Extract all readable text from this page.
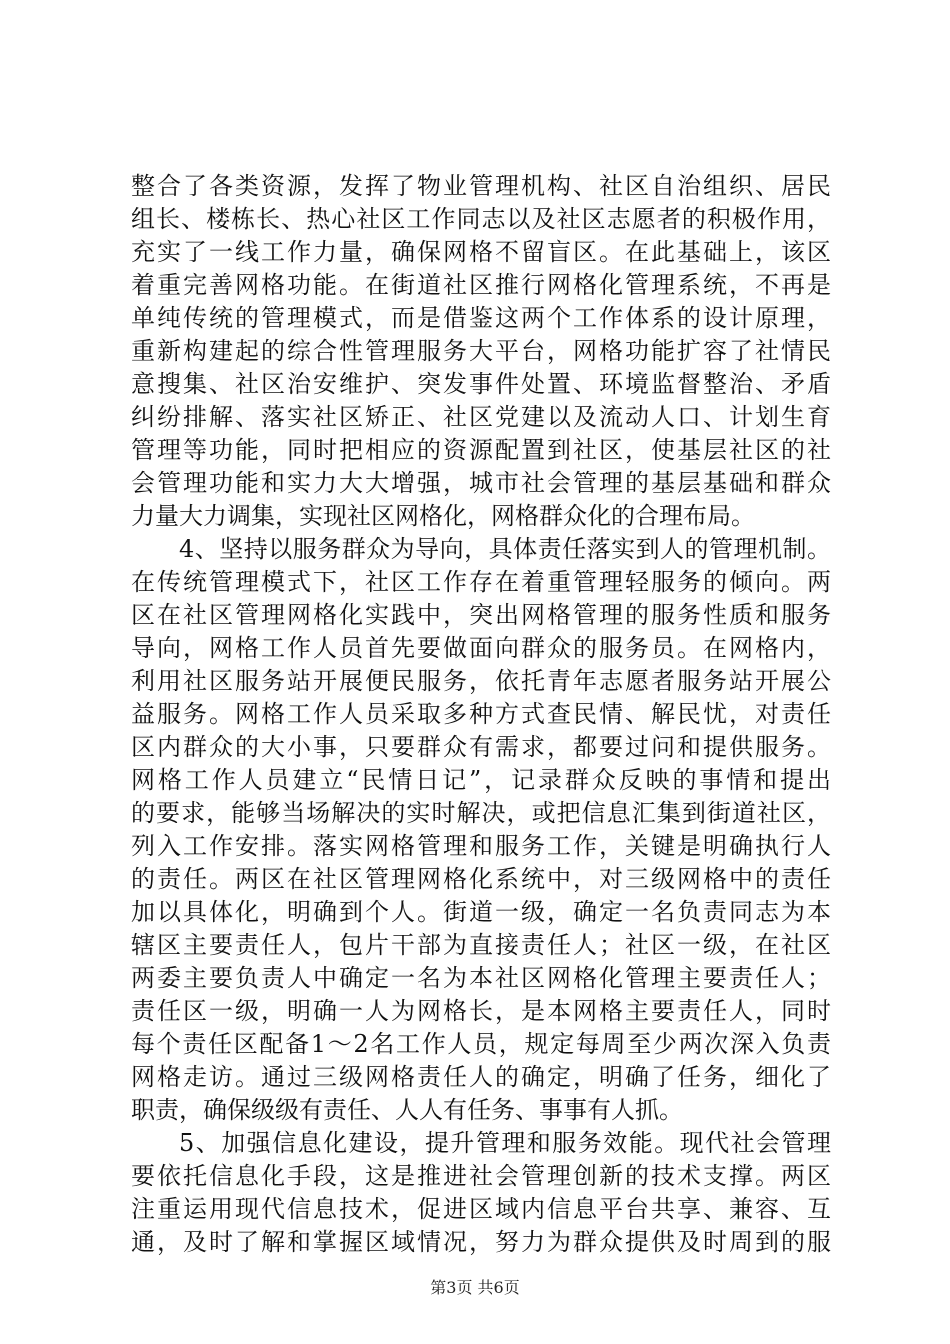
整合了各类资源，发挥了物业管理机构、社区自治组织、居民
组长、楼栋长、热心社区工作同志以及社区志愿者的积极作用，
充实了一线工作力量，确保网格不留盲区。在此基础上，该区
着重完善网格功能。在街道社区推行网格化管理系统，不再是
单纯传统的管理模式，而是借鉴这两个工作体系的设计原理，
重新构建起的综合性管理服务大平台，网格功能扩容了社情民
意搜集、社区治安维护、突发事件处置、环境监督整治、矛盾
纠纷排解、落实社区矫正、社区党建以及流动人口、计划生育
管理等功能，同时把相应的资源配置到社区，使基层社区的社
会管理功能和实力大大增强，城市社会管理的基层基础和群众
力量大力调集，实现社区网格化，网格群众化的合理布局。
4、坚持以服务群众为导向，具体责任落实到人的管理机制。
在传统管理模式下，社区工作存在着重管理轻服务的倾向。两
区在社区管理网格化实践中，突出网格管理的服务性质和服务
导向，网格工作人员首先要做面向群众的服务员。在网格内，
利用社区服务站开展便民服务，依托青年志愿者服务站开展公
益服务。网格工作人员采取多种方式查民情、解民忧，对责任
区内群众的大小事，只要群众有需求，都要过问和提供服务。
网格工作人员建立“民情日记”，记录群众反映的事情和提出
的要求，能够当场解决的实时解决，或把信息汇集到街道社区，
列入工作安排。落实网格管理和服务工作，关键是明确执行人
的责任。两区在社区管理网格化系统中，对三级网格中的责任
加以具体化，明确到个人。街道一级，确定一名负责同志为本
辖区主要责任人，包片干部为直接责任人；社区一级，在社区
两委主要负责人中确定一名为本社区网格化管理主要责任人；
责任区一级，明确一人为网格长，是本网格主要责任人，同时
每个责任区配备1～2名工作人员，规定每周至少两次深入负责
网格走访。通过三级网格责任人的确定，明确了任务，细化了
职责，确保级级有责任、人人有任务、事事有人抓。
5、加强信息化建设，提升管理和服务效能。现代社会管理
要依托信息化手段，这是推进社会管理创新的技术支撑。两区
注重运用现代信息技术，促进区域内信息平台共享、兼容、互
通，及时了解和掌握区域情况，努力为群众提供及时周到的服
第3页 共6页
